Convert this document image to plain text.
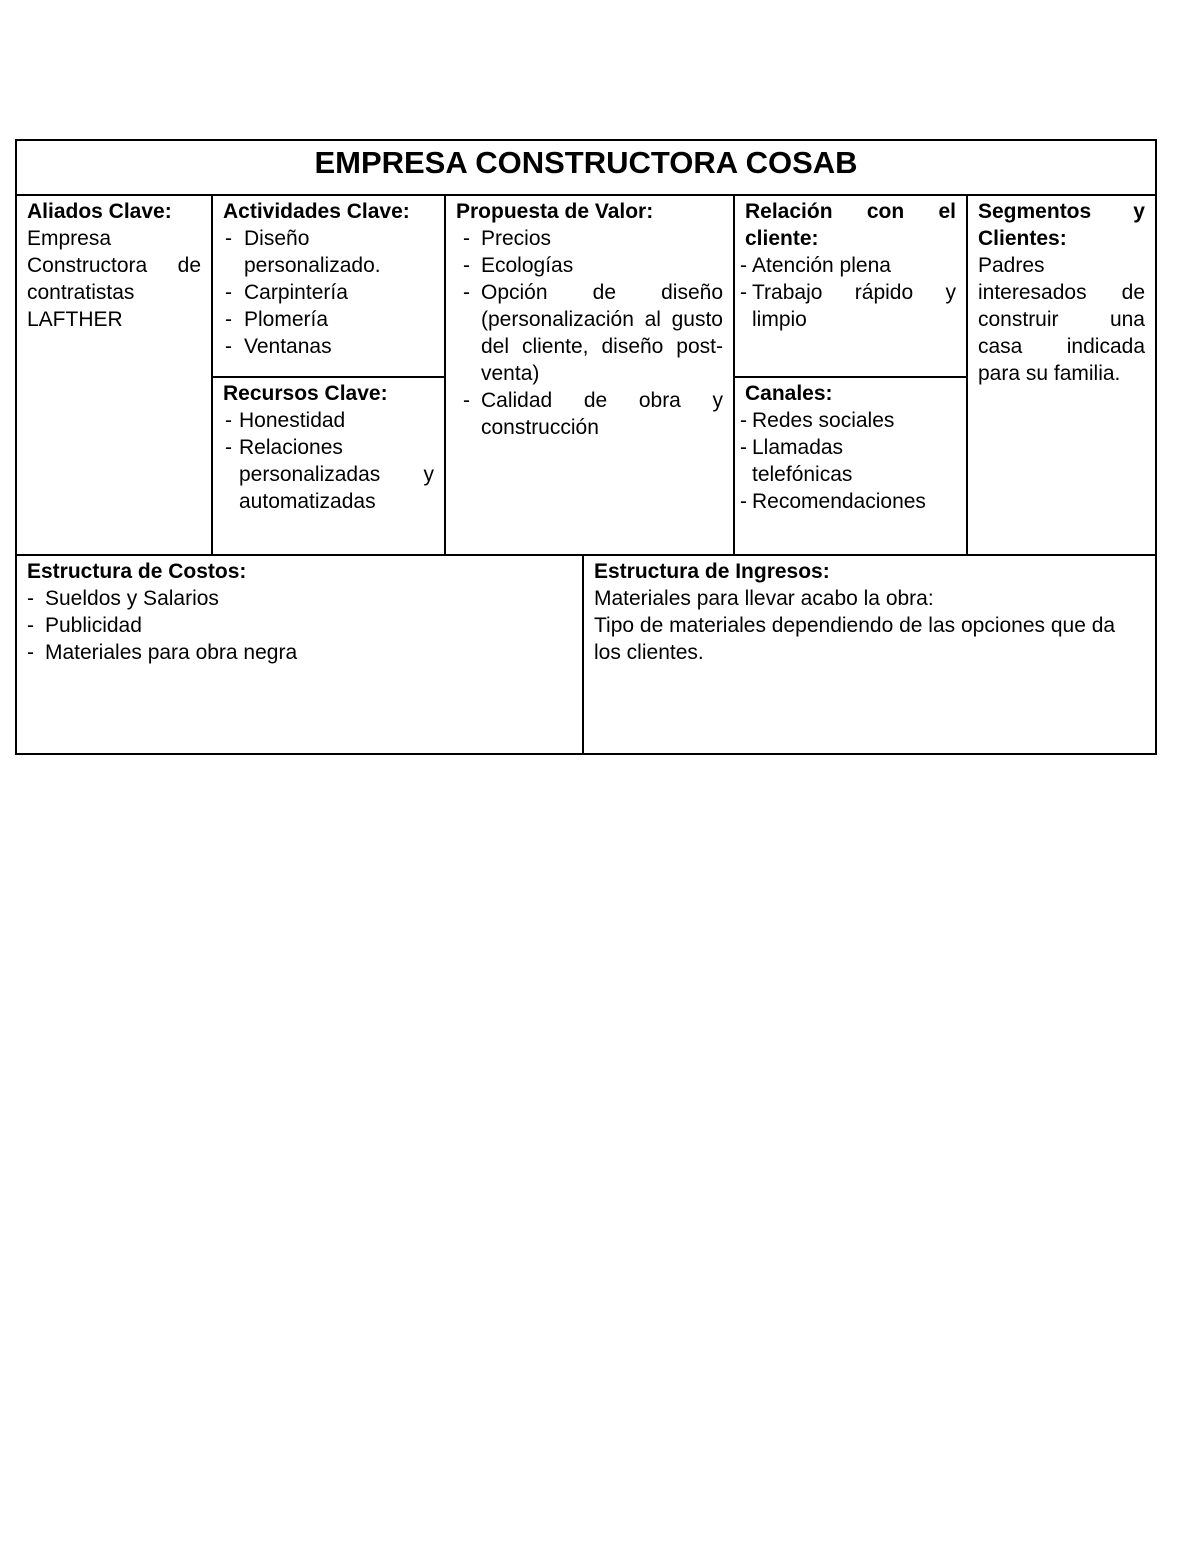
EMPRESA CONSTRUCTORA COSAB
Aliados Clave:
Empresa
Constructora de
contratistas
LAFTHER
Actividades Clave:
- Diseño personalizado.
- Carpintería
- Plomería
- Ventanas
Recursos Clave:
- Honestidad
- Relaciones personalizadas y automatizadas
Propuesta de Valor:
- Precios
- Ecologías
- Opción de diseño (personalización al gusto del cliente, diseño post-venta)
- Calidad de obra y construcción
Relación con el cliente:
- Atención plena
- Trabajo rápido y limpio
Canales:
- Redes sociales
- Llamadas telefónicas
- Recomendaciones
Segmentos y Clientes:
Padres interesados de construir una casa indicada para su familia.
Estructura de Costos:
- Sueldos y Salarios
- Publicidad
- Materiales para obra negra
Estructura de Ingresos:
Materiales para llevar acabo la obra:
Tipo de materiales dependiendo de las opciones que da los clientes.
